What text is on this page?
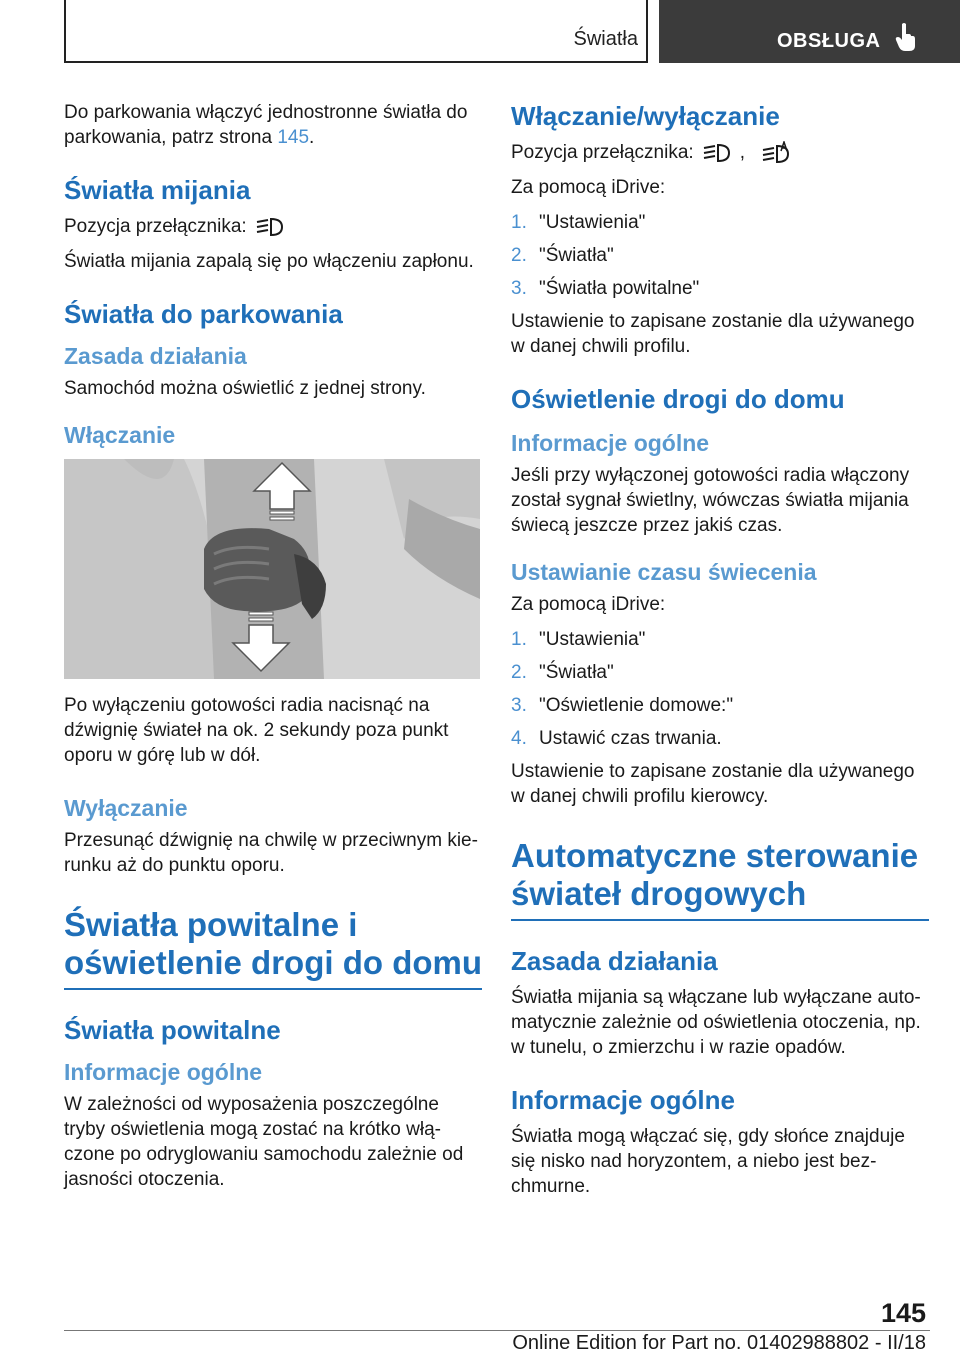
Światła	OBSŁUGA

Do parkowania włączyć jednostronne światła do parkowania, patrz strona 145.

Światła mijania

Pozycja przełącznika:

Światła mijania zapalą się po włączeniu zapłonu.

Światła do parkowania
Zasada działania

Samochód można oświetlić z jednej strony.

Włączanie

Po wyłączeniu gotowości radia nacisnąć na dźwignię świateł na ok. 2 sekundy poza punkt oporu w górę lub w dół.

Wyłączanie

Przesunąć dźwignię na chwilę w przeciwnym kie-runku aż do punktu oporu.

Światła powitalne i oświetlenie drogi do domu
Światła powitalne
Informacje ogólne

W zależności od wyposażenia poszczególne tryby oświetlenia mogą zostać na krótko włą-czone po odryglowaniu samochodu zależnie od jasności otoczenia.

Włączanie/wyłączanie

Pozycja przełącznika: ,

Za pomocą iDrive:

1. "Ustawienia"
2. "Światła"
3. "Światła powitalne"

Ustawienie to zapisane zostanie dla używanego w danej chwili profilu.

Oświetlenie drogi do domu
Informacje ogólne

Jeśli przy wyłączonej gotowości radia włączony został sygnał świetlny, wówczas światła mijania świecą jeszcze przez jakiś czas.

Ustawianie czasu świecenia

Za pomocą iDrive:

1. "Ustawienia"
2. "Światła"
3. "Oświetlenie domowe:"
4. Ustawić czas trwania.

Ustawienie to zapisane zostanie dla używanego w danej chwili profilu kierowcy.

Automatyczne sterowanie świateł drogowych
Zasada działania

Światła mijania są włączane lub wyłączane auto-matycznie zależnie od oświetlenia otoczenia, np. w tunelu, o zmierzchu i w razie opadów.

Informacje ogólne

Światła mogą włączać się, gdy słońce znajduje się nisko nad horyzontem, a niebo jest bez-chmurne.

145
Online Edition for Part no. 01402988802 - II/18
